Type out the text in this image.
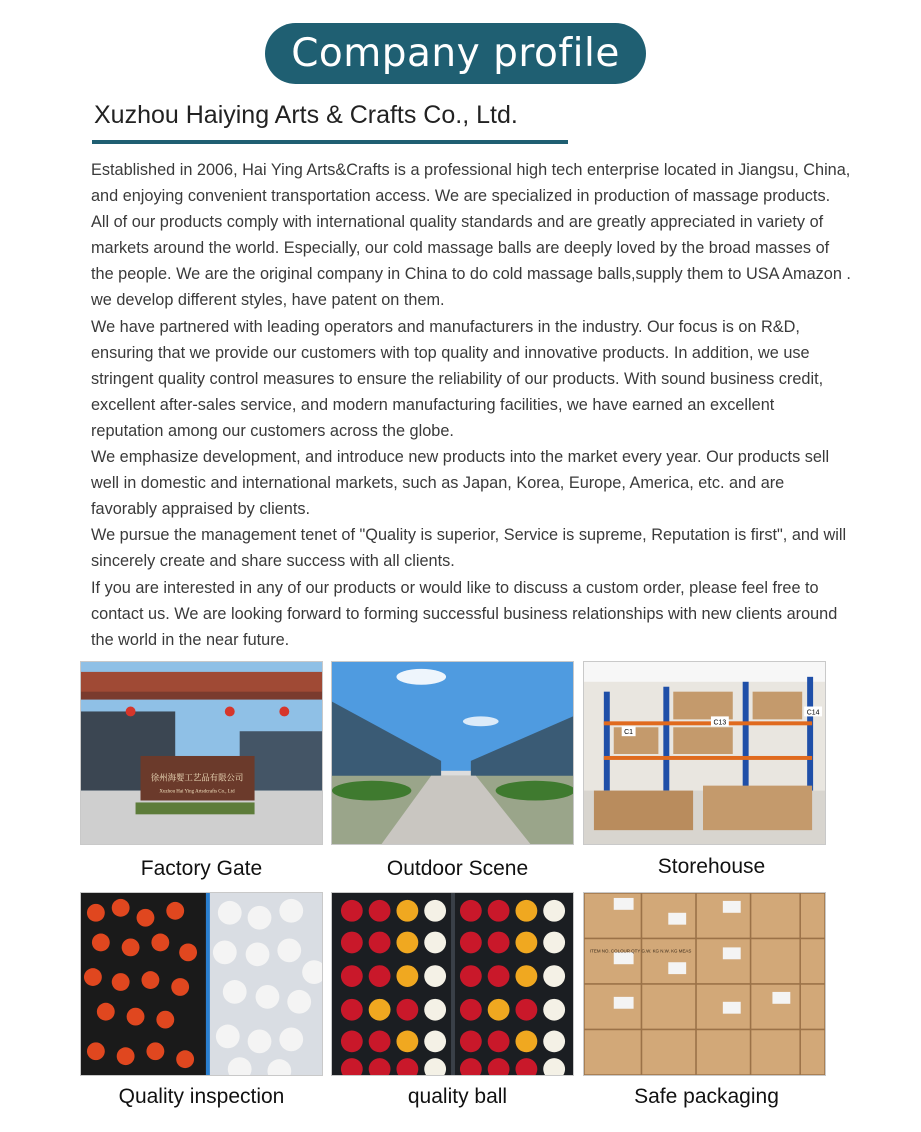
Company profile
Xuzhou Haiying Arts & Crafts Co., Ltd.

Established in 2006, Hai Ying Arts&Crafts is a professional high tech enterprise located in Jiangsu, China, and enjoying convenient transportation access. We are specialized in production of massage products. All of our products comply with international quality standards and are greatly appreciated in variety of markets around the world. Especially, our cold massage balls are deeply loved by the broad masses of the people. We are the original company in China to do cold massage balls,supply them to USA Amazon . we develop different styles, have patent on them.

We have partnered with leading operators and manufacturers in the industry. Our focus is on R&D, ensuring that we provide our customers with top quality and innovative products. In addition, we use stringent quality control measures to ensure the reliability of our products. With sound business credit, excellent after-sales service, and modern manufacturing facilities, we have earned an excellent reputation among our customers across the globe.

We emphasize development, and introduce new products into the market every year. Our products sell well in domestic and international markets, such as Japan, Korea, Europe, America, etc. and are favorably appraised by clients.

We pursue the management tenet of "Quality is superior, Service is supreme, Reputation is first", and will sincerely create and share success with all clients.

If you are interested in any of our products or would like to discuss a custom order, please feel free to contact us. We are looking forward to forming successful business relationships with new clients around the world in the near future.

徐州海婴工艺品有限公司
Xuzhou Hai Ying Artsdcrafts Co., Ltd
Factory Gate	Outdoor Scene
C13
C14
C1
Storehouse
Quality inspection	quality ball
ITEM NO. COLOUR QTY G.W. KG N.W. KG MEAS
Safe packaging
